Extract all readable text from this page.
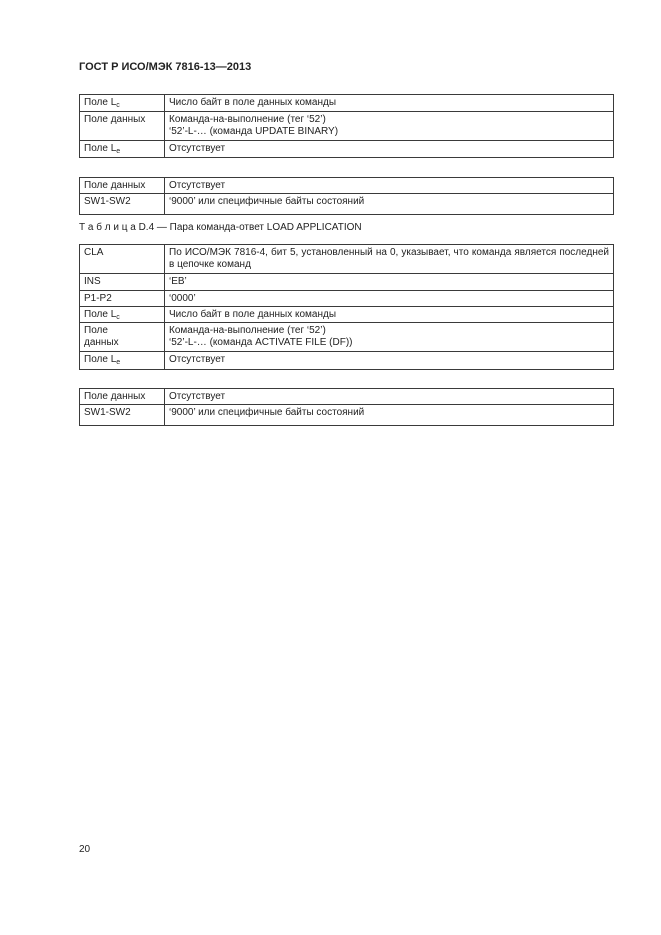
ГОСТ Р ИСО/МЭК 7816-13—2013
Поле $L_c$	Число байт в поле данных команды

Поле данных	Команда-на-выполнение (тег ‘52’)
‘52’-L-… (команда UPDATE BINARY)

Поле $L_e$	Отсутствует
Поле данных	Отсутствует

SW1-SW2	‘9000’ или специфичные байты состояний
Т а б л и ц а D.4 — Пара команда-ответ LOAD APPLICATION
CLA	По ИСО/МЭК 7816-4, бит 5, установленный на 0, указывает, что команда является последней
в цепочке команд

INS	‘EB’

P1-P2	‘0000’

Поле $L_c$	Число байт в поле данных команды

Поле
данных	Команда-на-выполнение (тег ‘52’)
‘52’-L-… (команда ACTIVATE FILE (DF))

Поле $L_e$	Отсутствует
Поле данных	Отсутствует

SW1-SW2	‘9000’ или специфичные байты состояний
20
